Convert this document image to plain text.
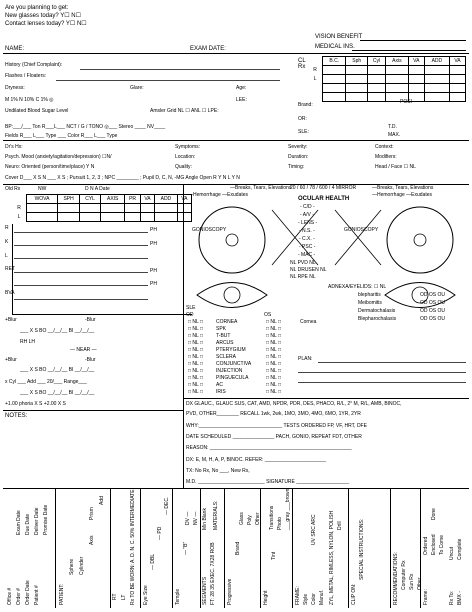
Are you planning to get:
New glasses today? Y☐ N☐
Contact lenses today? Y☐ N☐
VISION BENEFIT
MEDICAL INS.
NAME:	EXAM DATE:
History (Chief Complaint):
Flashes / Floaters:
Dryness:	Glare:	Age:
M 1% N 10% C 1% ◎	LEE:
Undilated Blood Sugar Level	Amsler Grid NL ☐ ANL ☐ LPE:
BP:___/___ Ton R___L___ NCT / G / TONO ◎___ Stereo ____ NV____
Fields R___ L___ Type ___ Color R___ L___ Type
CL
Rx
	B.C.	Sph	Cyl	Axis	VA	ADD	VA
R							
L							

Brand:	POSI
OR:
SLE:
T.D.
MAX.
Dr's Hx:	Symptoms:	Severity:	Context:
Psych. Mood (anxiety/agitation/depression) ☐N/	Location:	Duration:	Modifiers:
Neuro: Oriented (person/time/place) Y N	Quality:	Timing:	Head / Face ☐ NL
Cover D___ X S N ___ X S ; Pursuit 1, 2, 3 ; NPC ________ ; Pupil D, C, N, -MG Angle Open R Y N L Y N
Old Rx	NW	D N A Date
	WOVA	SPH	CYL	AXIS	PR	VA	ADD	VA
R								
L								
R
K
L
RET
BVA
PH
PH
PH
PH
+Blur	-Blur
___ X S BO __/__/__ BI __/__/__
RH LH
— NEAR —
+Blur	-Blur
___ X S BO __/__/__ BI __/__/__
x Cyl ___ Add ___ 20/___ Range___
___ X S BO __/__/__ BI __/__/__
+1.00 phoria X S +2.00 X S
NOTES:
—Breaks, Tears, Elevations
—Hemorrhage —Exudates
20 / 60 / 78 / 600 / 4 MIRROR	—Breaks, Tears, Elevations
—Hemorrhage —Exudates
OCULAR HEALTH
GONIOSCOPY	GONIOSCOPY
- C/D -
- A/V -
- LENS -
- N.S. -
- C.X. -
- PSC -
- MAC -
NL PVD NL
NL DRUSEN NL
NL RPE NL
ADNEXA/EYELIDS: ☐ NL
blepharitis	OD OS OU
Meibomitis	OD OS OU
Dermatochalasis	OD OS OU
Blepharochalasis	OD OS OU
SLE
OD	OS
Cornea
□ NL □	CORNEA	□ NL □
□ NL □	SPK	□ NL □
□ NL □	T-BUT	□ NL □
□ NL □	ARCUS	□ NL □
□ NL □	PTERYGIUM	□ NL □
□ NL □	SCLERA	□ NL □
□ NL □	CONJUNCTIVA	□ NL □
□ NL □	INJECTION	□ NL □
□ NL □	PINGUECULA	□ NL □
□ NL □	AC	□ NL □
□ NL □	IRIS	□ NL □
PLAN:
DX GLAUC., GLAUC SUS, CAT, AMD, NPDR, PDR, DES, PHACO, R/L, 2° M, R/L, AMB, BINOC,
PVD, OTHER________ RECALL 1wk, 2wk, 1MO, 3MO, 4MO, 6MO, 1YR, 2YR
WHY:______________________________ TESTS ORDERED FP, VF, HRT, DFE
DATE SCHEDULED _______________ PACH, GONIO, REPEAT FDT, OTHER
REASON: ___________________________________________________
DX: E, M, H, A, P, BINOC. REFER: ______________________
TX: No Rx, No ___, New Rx,
M.D. ________________________ SIGNATURE ___________________
Office # Order # Order Date Patient #
Exam Date Due Date Deliver Date Promise Date
PATIENT:
Sphere Cylinder
Axis
Prism
Add
RT LT Rx TO BE WORN: A. D. N. C. 50% INTERMEDIATE Eye Size
— DBL
— PD
— DEC.
Temple
— "B"
DV — NV —
SEGMENTS FT: 28 35 EXEC. 7X28 ROB
MATERIALS:
Min Blank
Progressive
Brand
Glass Poly Other
Height
Tint
Transitions Photo ___gray ___brown
FRAME: Style Color Manuf.
UV SRC ARC ZYL, METAL, RIMLESS, NYLON, POLISH Drill
CLIP ON:
SPECIAL INSTRUCTIONS:	RECOMMENDATIONS: Computer Rx Sun Rx Other
Ordered Enclosed To Come
Done
Frame:	Rx To: BMX -
Uncut Complete
